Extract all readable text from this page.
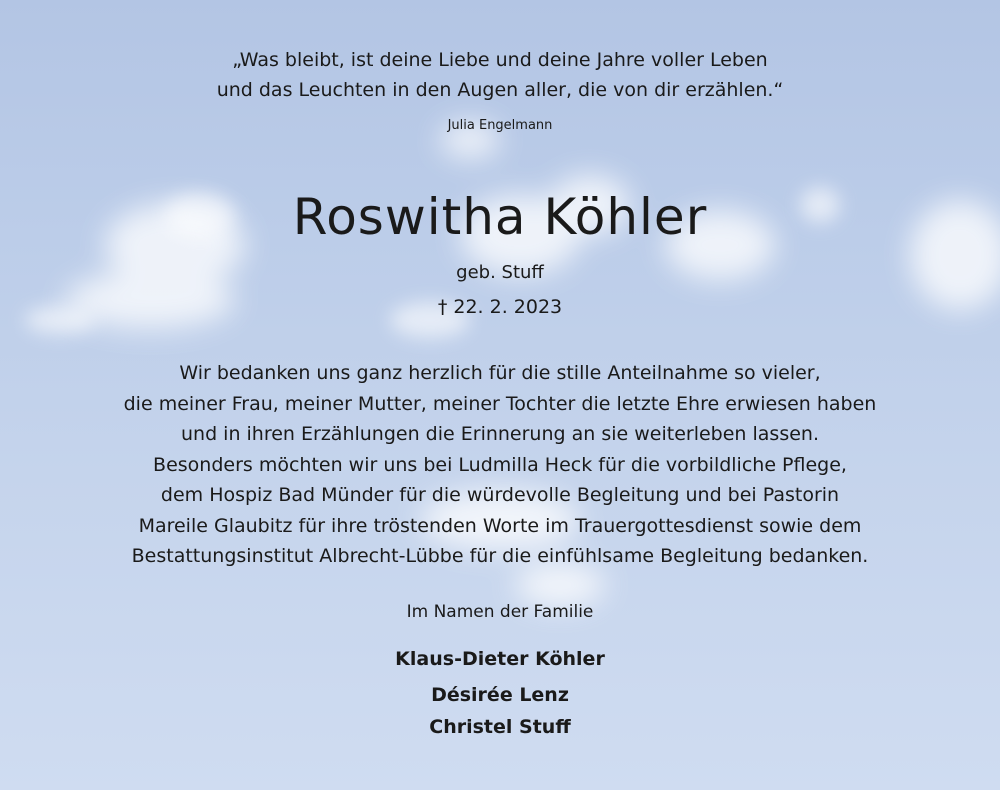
„Was bleibt, ist deine Liebe und deine Jahre voller Leben
und das Leuchten in den Augen aller, die von dir erzählen.“
Julia Engelmann
Roswitha Köhler
geb. Stuff
† 22. 2. 2023
Wir bedanken uns ganz herzlich für die stille Anteilnahme so vieler,
die meiner Frau, meiner Mutter, meiner Tochter die letzte Ehre erwiesen haben
und in ihren Erzählungen die Erinnerung an sie weiterleben lassen.
Besonders möchten wir uns bei Ludmilla Heck für die vorbildliche Pflege,
dem Hospiz Bad Münder für die würdevolle Begleitung und bei Pastorin
Mareile Glaubitz für ihre tröstenden Worte im Trauergottesdienst sowie dem
Bestattungsinstitut Albrecht-Lübbe für die einfühlsame Begleitung bedanken.
Im Namen der Familie
Klaus-Dieter Köhler
Désirée Lenz
Christel Stuff
